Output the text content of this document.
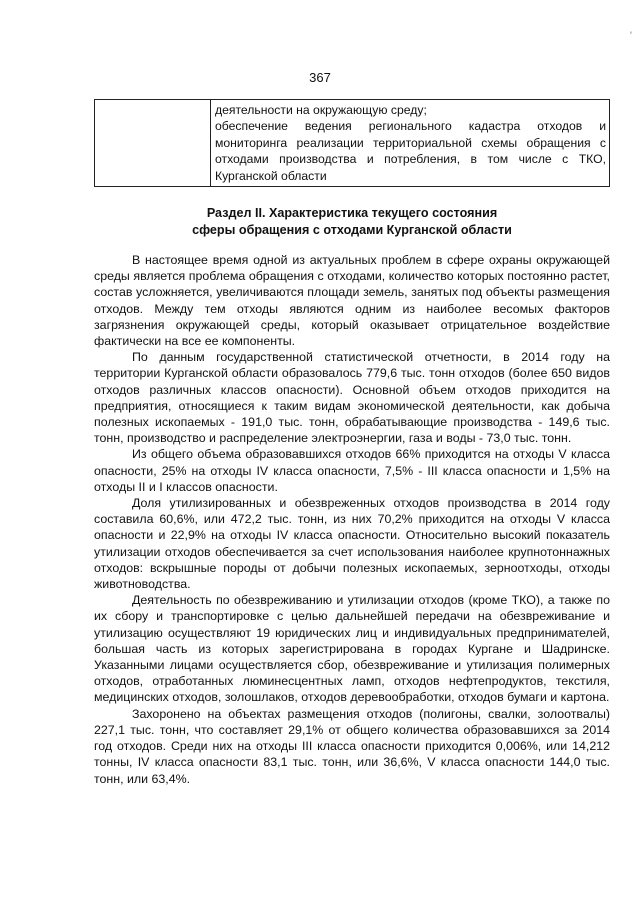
'
367

деятельности на окружающую среду;

обеспечение ведения регионального кадастра отходов и мониторинга реализации территориальной схемы обращения с отходами производства и потребления, в том числе с ТКО, Курганской области

Раздел II. Характеристика текущего состояния
сферы обращения с отходами Курганской области

В настоящее время одной из актуальных проблем в сфере охраны окружающей среды является проблема обращения с отходами, количество которых постоянно растет, состав усложняется, увеличиваются площади земель, занятых под объекты размещения отходов. Между тем отходы являются одним из наиболее весомых факторов загрязнения окружающей среды, который оказывает отрицательное воздействие фактически на все ее компоненты.

По данным государственной статистической отчетности, в 2014 году на территории Курганской области образовалось 779,6 тыс. тонн отходов (более 650 видов отходов различных классов опасности). Основной объем отходов приходится на предприятия, относящиеся к таким видам экономической деятельности, как добыча полезных ископаемых - 191,0 тыс. тонн, обрабатывающие производства - 149,6 тыс. тонн, производство и распределение электроэнергии, газа и воды - 73,0 тыс. тонн.

Из общего объема образовавшихся отходов 66% приходится на отходы V класса опасности, 25% на отходы IV класса опасности, 7,5% - III класса опасности и 1,5% на отходы II и I классов опасности.

Доля утилизированных и обезвреженных отходов производства в 2014 году составила 60,6%, или 472,2 тыс. тонн, из них 70,2% приходится на отходы V класса опасности и 22,9% на отходы IV класса опасности. Относительно высокий показатель утилизации отходов обеспечивается за счет использования наиболее крупнотоннажных отходов: вскрышные породы от добычи полезных ископаемых, зерноотходы, отходы животноводства.

Деятельность по обезвреживанию и утилизации отходов (кроме ТКО), а также по их сбору и транспортировке с целью дальнейшей передачи на обезвреживание и утилизацию осуществляют 19 юридических лиц и индивидуальных предпринимателей, большая часть из которых зарегистрирована в городах Кургане и Шадринске. Указанными лицами осуществляется сбор, обезвреживание и утилизация полимерных отходов, отработанных люминесцентных ламп, отходов нефтепродуктов, текстиля, медицинских отходов, золошлаков, отходов деревообработки, отходов бумаги и картона.

Захоронено на объектах размещения отходов (полигоны, свалки, золоотвалы) 227,1 тыс. тонн, что составляет 29,1% от общего количества образовавшихся за 2014 год отходов. Среди них на отходы III класса опасности приходится 0,006%, или 14,212 тонны, IV класса опасности 83,1 тыс. тонн, или 36,6%, V класса опасности 144,0 тыс. тонн, или 63,4%.
